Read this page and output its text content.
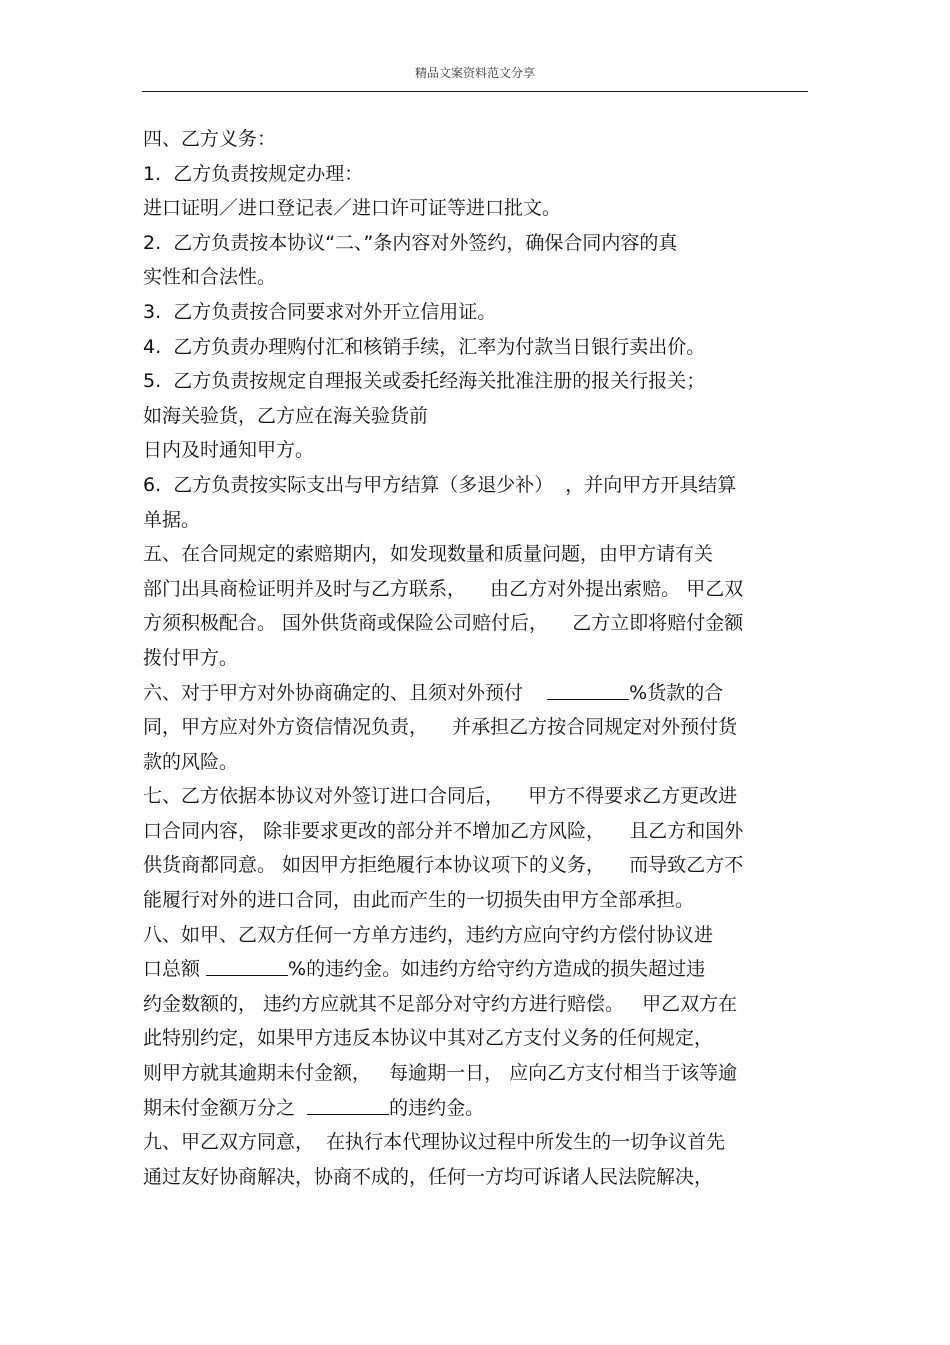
精品文案资料范文分享
四、乙方义务：
1.  乙方负责按规定办理：
进口证明／进口登记表／进口许可证等进口批文。
2.  乙方负责按本协议“二、”条内容对外签约，确保合同内容的真
实性和合法性。
3.  乙方负责按合同要求对外开立信用证。
4.  乙方负责办理购付汇和核销手续，汇率为付款当日银行卖出价。
5.  乙方负责按规定自理报关或委托经海关批准注册的报关行报关；
如海关验货，乙方应在海关验货前
日内及时通知甲方。
6.  乙方负责按实际支出与甲方结算（多退少补）  ，并向甲方开具结算
单据。
五、在合同规定的索赔期内，如发现数量和质量问题，由甲方请有关
部门出具商检证明并及时与乙方联系，    由乙方对外提出索赔。 甲乙双
方须积极配合。 国外供货商或保险公司赔付后，    乙方立即将赔付金额
拨付甲方。
六、对于甲方对外协商确定的、且须对外预付	%货款的合
同，甲方应对外方资信情况负责，    并承担乙方按合同规定对外预付货
款的风险。
七、乙方依据本协议对外签订进口合同后，    甲方不得要求乙方更改进
口合同内容， 除非要求更改的部分并不增加乙方风险，    且乙方和国外
供货商都同意。 如因甲方拒绝履行本协议项下的义务，    而导致乙方不
能履行对外的进口合同，由此而产生的一切损失由甲方全部承担。
八、如甲、乙双方任何一方单方违约，违约方应向守约方偿付协议进
口总额	%的违约金。如违约方给守约方造成的损失超过违
约金数额的， 违约方应就其不足部分对守约方进行赔偿。   甲乙双方在
此特别约定，如果甲方违反本协议中其对乙方支付义务的任何规定，
则甲方就其逾期未付金额，   每逾期一日， 应向乙方支付相当于该等逾
期未付金额万分之	的违约金。
九、甲乙双方同意，  在执行本代理协议过程中所发生的一切争议首先
通过友好协商解决，协商不成的，任何一方均可诉诸人民法院解决，
